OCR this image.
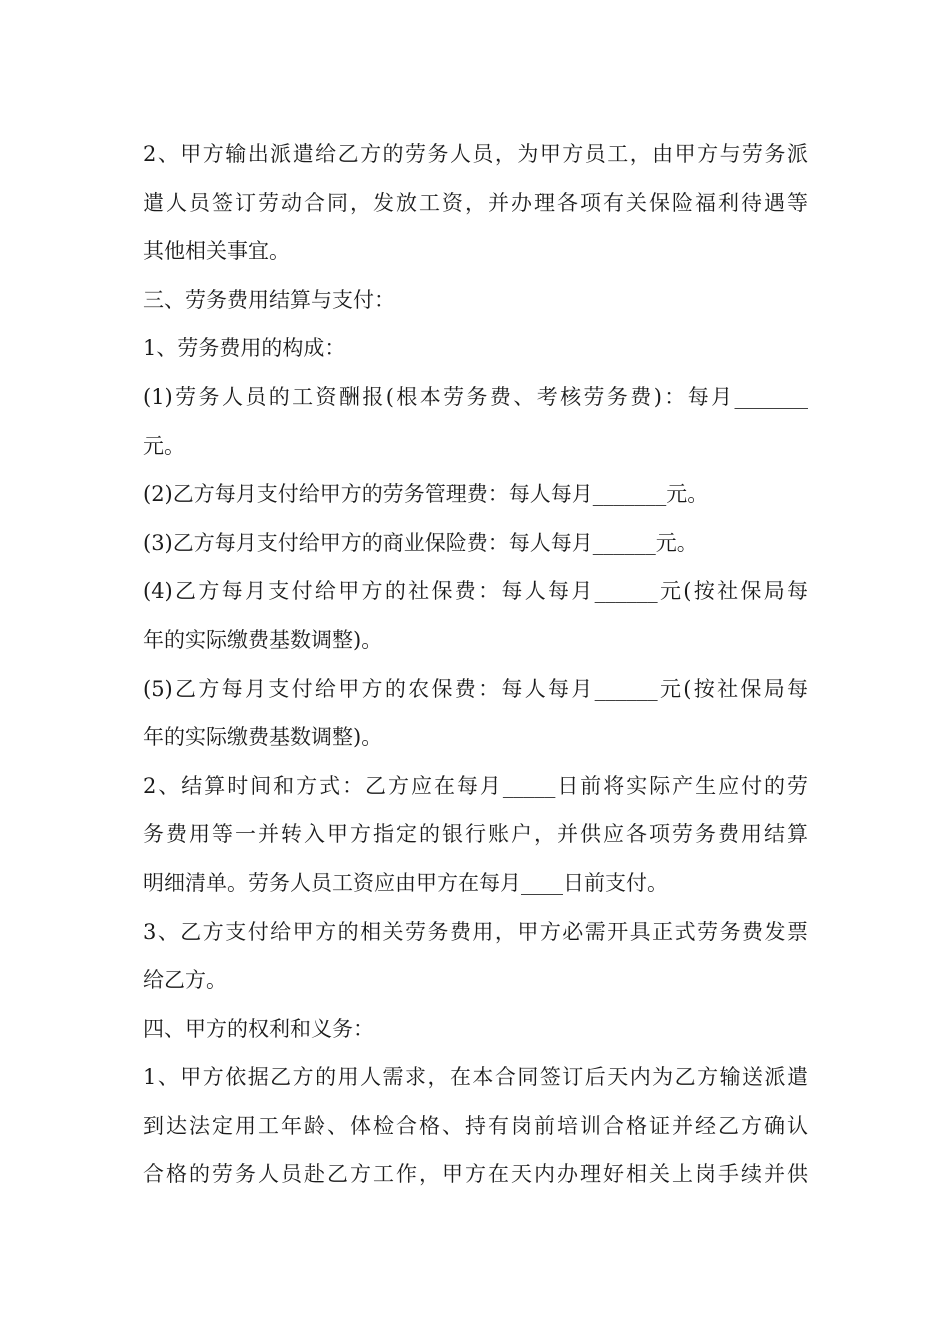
2、甲方输出派遣给乙方的劳务人员，为甲方员工，由甲方与劳务派
遣人员签订劳动合同，发放工资，并办理各项有关保险福利待遇等
其他相关事宜。
三、劳务费用结算与支付：
1、劳务费用的构成：
(1)劳务人员的工资酬报(根本劳务费、考核劳务费)：每月_______
元。
(2)乙方每月支付给甲方的劳务管理费：每人每月_______元。
(3)乙方每月支付给甲方的商业保险费：每人每月______元。
(4)乙方每月支付给甲方的社保费：每人每月______元(按社保局每
年的实际缴费基数调整)。
(5)乙方每月支付给甲方的农保费：每人每月______元(按社保局每
年的实际缴费基数调整)。
2、结算时间和方式：乙方应在每月_____日前将实际产生应付的劳
务费用等一并转入甲方指定的银行账户，并供应各项劳务费用结算
明细清单。劳务人员工资应由甲方在每月____日前支付。
3、乙方支付给甲方的相关劳务费用，甲方必需开具正式劳务费发票
给乙方。
四、甲方的权利和义务：
1、甲方依据乙方的用人需求，在本合同签订后天内为乙方输送派遣
到达法定用工年龄、体检合格、持有岗前培训合格证并经乙方确认
合格的劳务人员赴乙方工作，甲方在天内办理好相关上岗手续并供
